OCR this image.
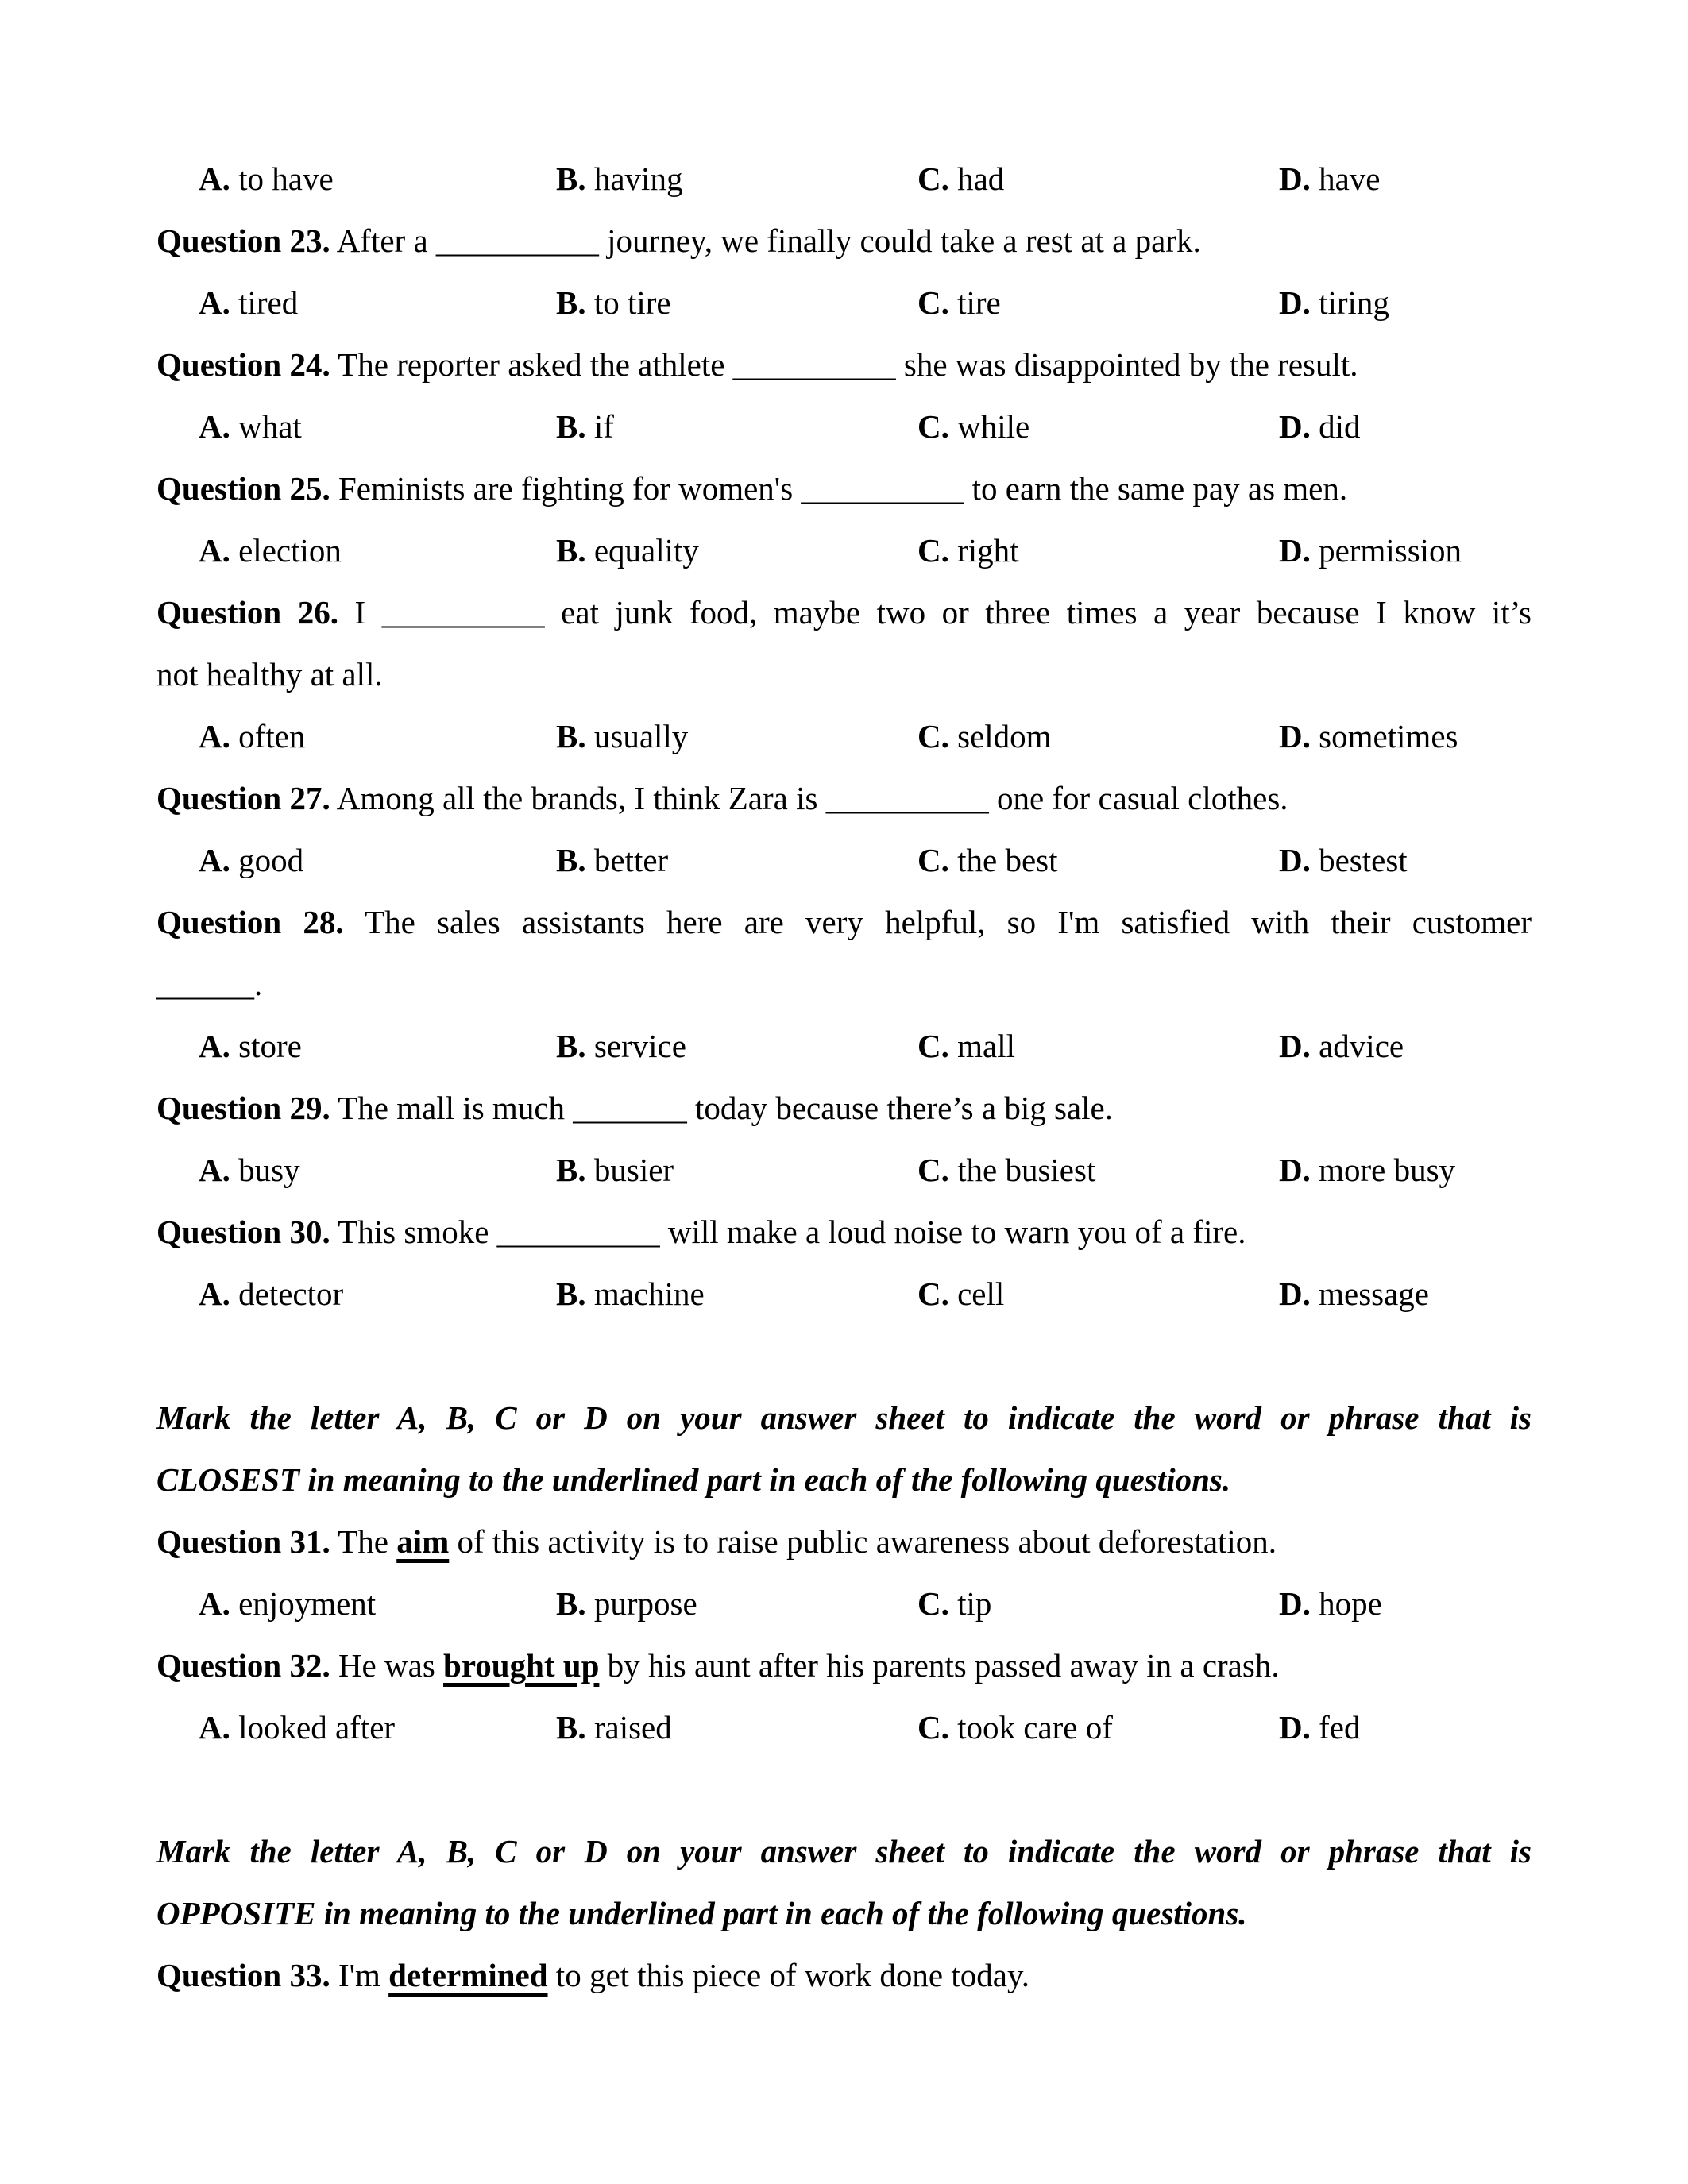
A. to have	B. having	C. had	D. have
Question 23. After a __________ journey, we finally could take a rest at a park.
A. tired	B. to tire	C. tire	D. tiring
Question 24. The reporter asked the athlete __________ she was disappointed by the result.
A. what	B. if	C. while	D. did
Question 25. Feminists are fighting for women's __________ to earn the same pay as men.
A. election	B. equality	C. right	D. permission
Question 26. I __________ eat junk food, maybe two or three times a year because I know it’s
not healthy at all.
A. often	B. usually	C. seldom	D. sometimes
Question 27. Among all the brands, I think Zara is __________ one for casual clothes.
A. good	B. better	C. the best	D. bestest
Question 28. The sales assistants here are very helpful, so I'm satisfied with their customer
______.
A. store	B. service	C. mall	D. advice
Question 29. The mall is much _______ today because there’s a big sale.
A. busy	B. busier	C. the busiest	D. more busy
Question 30. This smoke __________ will make a loud noise to warn you of a fire.
A. detector	B. machine	C. cell	D. message
Mark the letter A, B, C or D on your answer sheet to indicate the word or phrase that is
CLOSEST in meaning to the underlined part in each of the following questions.
Question 31. The aim of this activity is to raise public awareness about deforestation.
A. enjoyment	B. purpose	C. tip	D. hope
Question 32. He was brought up by his aunt after his parents passed away in a crash.
A. looked after	B. raised	C. took care of	D. fed
Mark the letter A, B, C or D on your answer sheet to indicate the word or phrase that is
OPPOSITE in meaning to the underlined part in each of the following questions.
Question 33. I'm determined to get this piece of work done today.
